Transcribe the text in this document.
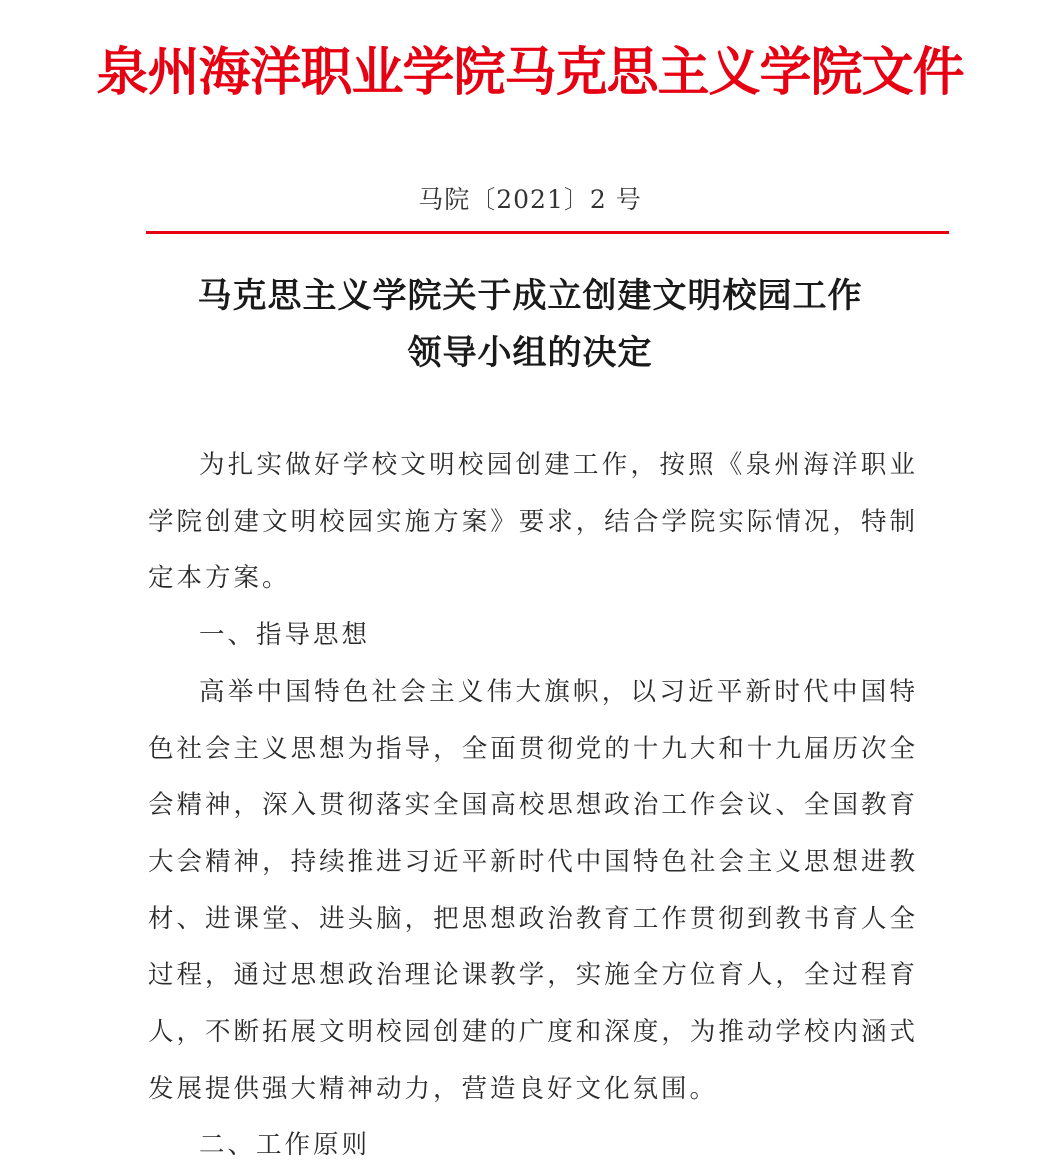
泉州海洋职业学院马克思主义学院文件
马院〔2021〕2 号
马克思主义学院关于成立创建文明校园工作
领导小组的决定

为扎实做好学校文明校园创建工作，按照《泉州海洋职业学院创建文明校园实施方案》要求，结合学院实际情况，特制定本方案。

一、指导思想

高举中国特色社会主义伟大旗帜，以习近平新时代中国特色社会主义思想为指导，全面贯彻党的十九大和十九届历次全会精神，深入贯彻落实全国高校思想政治工作会议、全国教育大会精神，持续推进习近平新时代中国特色社会主义思想进教材、进课堂、进头脑，把思想政治教育工作贯彻到教书育人全过程，通过思想政治理论课教学，实施全方位育人，全过程育人，不断拓展文明校园创建的广度和深度，为推动学校内涵式发展提供强大精神动力，营造良好文化氛围。

二、工作原则
